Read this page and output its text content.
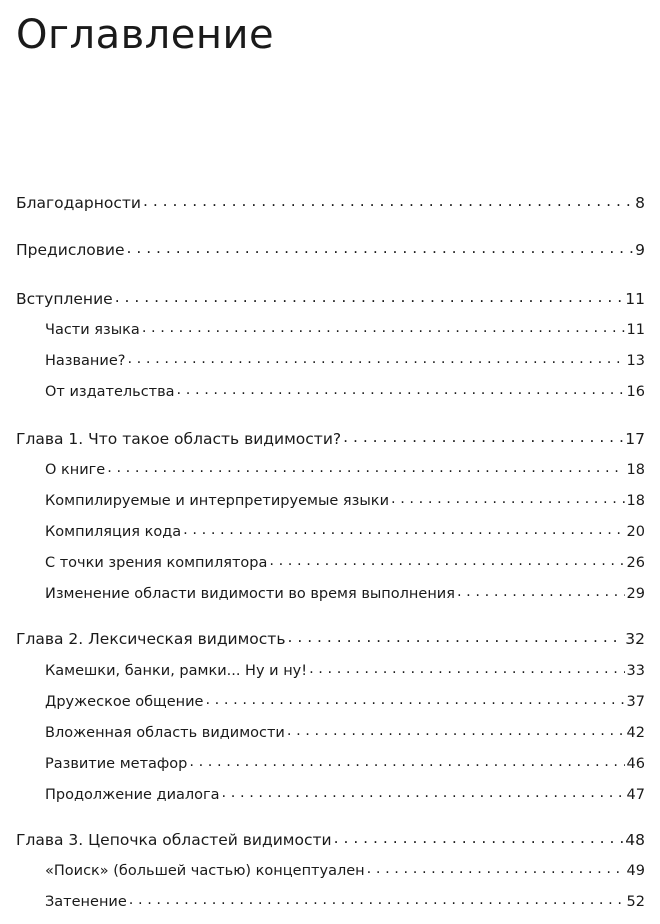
Оглавление
Благодарности . . .	8
Предисловие . . .	9
Вступление . . .	11
Части языка . . .	11
Название? . . .	13
От издательства . . .	16
Глава 1. Что такое область видимости? . . .	17
О книге . . .	18
Компилируемые и интерпретируемые языки . . .	18
Компиляция кода . . .	20
С точки зрения компилятора . . .	26
Изменение области видимости во время выполнения . . .	29
Глава 2. Лексическая видимость . . .	32
Камешки, банки, рамки... Ну и ну! . . .	33
Дружеское общение . . .	37
Вложенная область видимости . . .	42
Развитие метафор . . .	46
Продолжение диалога . . .	47
Глава 3. Цепочка областей видимости . . .	48
«Поиск» (большей частью) концептуален . . .	49
Затенение . . .	52
